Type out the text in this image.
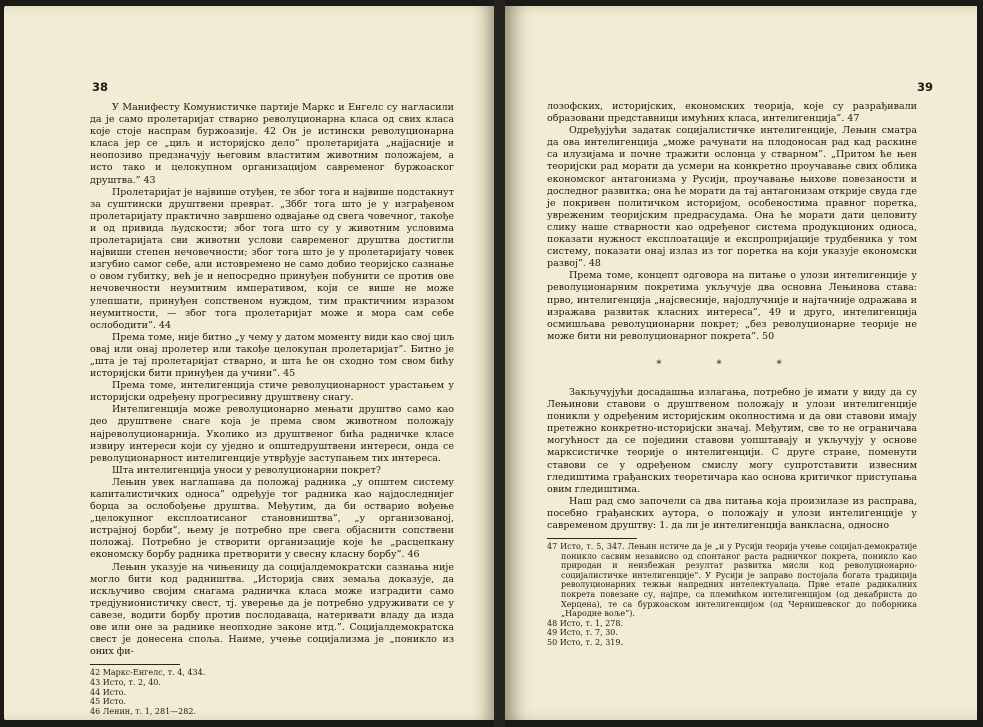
38

У Манифесту Комунистичке партије Маркс и Енгелс су нагласили да је само пролетаријат стварно револуционарна класа од свих класа које стоје наспрам буржоазије. 42 Он је истински револуционарна класа јер се „циљ и историјско дело” пролетаријата „најјасније и неопозиво предзначују његовим властитим животним положајем, а исто тако и целокупном организацијом савременог буржоаског друштва.” 43

Пролетаријат је највише отуђен, те због тога и највише подстакнут за суштински друштвени преврат. „Зббг тога што је у изграђеном пролетаријату практично завршено одвајање од свега човечног, такође и од привида људскости; због тога што су у животним условима пролетаријата сви животни услови савременог друштва достигли највиши степен нечовечности; због тога што је у пролетаријату човек изгубио самог себе, али истовремено не само добио теоријско сазнање о овом губитку, већ је и непосредно принуђен побунити се против ове нечовечности неумитним императивом, који се више не може улепшати, принуђен сопственом нуждом, тим практичним изразом неумитности, — због тога пролетаријат може и мора сам себе ослободити”. 44

Према томе, није битно „у чему у датом моменту види као свој циљ овај или онај пролетер или такође целокупан пролетаријат”. Битно је „шта је тај пролетаријат стварно, и шта ће он сходно том свом бићу историјски бити принуђен да учини”. 45

Према томе, интелигенција стиче револуционарност урастањем у историјски одређену прогресивну друштвену снагу.

Интелигенција може револуционарно мењати друштво само као део друштвене снаге која је према свом животном положају најреволуционарнија. Уколико из друштвеног бића радничке класе извиру интереси који су уједно и општедруштвени интереси, онда се револуционарност интелигенције утврђује заступањем тих интереса.

Шта интелигенција уноси у револуционарни покрет?

Лењин увек наглашава да положај радника „у општем систему капиталистичких односа” одређује тог радника као најдоследнијег борца за ослобођење друштва. Међутим, да би остварио вођење „целокупног експлоатисаног становништва”, „у организованој, истрајној борби”, њему је потребно пре свега објаснити сопствени положај. Потребно је створити организације које ће „расцепкану економску борбу радника претворити у свесну класну борбу”. 46

Лењин указује на чињеницу да социјалдемократски сазнања није могло бити код радништва. „Историја свих земаља доказује, да искључиво својим снагама радничка класа може изградити само тредјунионистичку свест, тј. уверење да је потребно удруживати се у савезе, водити борбу против послодаваца, натеривати владу да изда ове или оне за раднике неопходне законе итд.”. Социјалдемократска свест је донесена споља. Наиме, учење социјализма је „поникло из оних фи-

42 Маркс-Енгелс, т. 4, 434.
43 Исто, т. 2, 40.
44 Исто.
45 Исто.
46 Ленин, т. 1, 281—282.
39

лозофских, историјских, економских теорија, које су разрађивали образовани представници имућних класа, интелигенција”. 47

Одређујући задатак социјалистичке интелигенције, Лењин сматра да ова интелигенција „може рачунати на плодоносан рад кад раскине са илузијама и почне тражити ослонца у стварном”. „Притом ће њен теоријски рад морати да усмери на конкретно проучавање свих облика економског антагонизма у Русији, проучавање њихове повезаности и доследног развитка; она ће морати да тај антагонизам открије свуда где је покривен политичком историјом, особеностима правног поретка, увреженим теоријским предрасудама. Она ће морати дати целовиту слику наше стварности као одређеног система продукционих односа, показати нужност експлоатације и експропријације трудбеника у том систему, показати онај излаз из тог поретка на који указује економски развој”. 48

Према томе, концепт одговора на питање о улози интелигенције у револуционарним покретима укључује два основна Лењинова става: прво, интелигенција „најсвесније, најодлучније и најтачније одражава и изражава развитак класних интереса”, 49 и друго, интелигенција осмишљава револуционарни покрет; „без револуционарне теорије не може бити ни револуционарног покрета”. 50

* * *

Закључујући досадашња излагања, потребно је имати у виду да су Лењинови ставови о друштвеном положају и улози интелигенције поникли у одређеним историјским околностима и да ови ставови имају претежно конкретно-историјски значај. Међутим, све то не ограничава могућност да се поједини ставови уопштавају и укључују у основе марксистичке теорије о интелигенцији. С друге стране, поменути ставови се у одређеном смислу могу супротставити извесним гледиштима грађанских теоретичара као основа критичког приступања овим гледиштима.

Наш рад смо започели са два питања која произилазе из расправа, посебно грађанских аутора, о положају и улози интелигенције у савременом друштву: 1. да ли је интелигенција ванкласна, односно

47 Исто, т. 5, 347. Лењин истиче да је „и у Русији теорија учење социјал-демократије поникло сасвим независно од спонтаног раста радничког покрета, поникло као природан и неизбежан резултат развитка мисли код револуционарно-социјалистичке интелигенције”. У Русији је заправо постојала богата традиција револуционарних тежњи напредних интелектуалаца. Прве етапе радикалних покрета повезане су, најпре, са племићком интелигенцијом (од декабриста до Херцена), те са буржоаском интелигенцијом (од Чернишевског до поборника „Народне воље”).
48 Исто, т. 1, 278.
49 Исто, т. 7, 30.
50 Исто, т. 2, 319.
